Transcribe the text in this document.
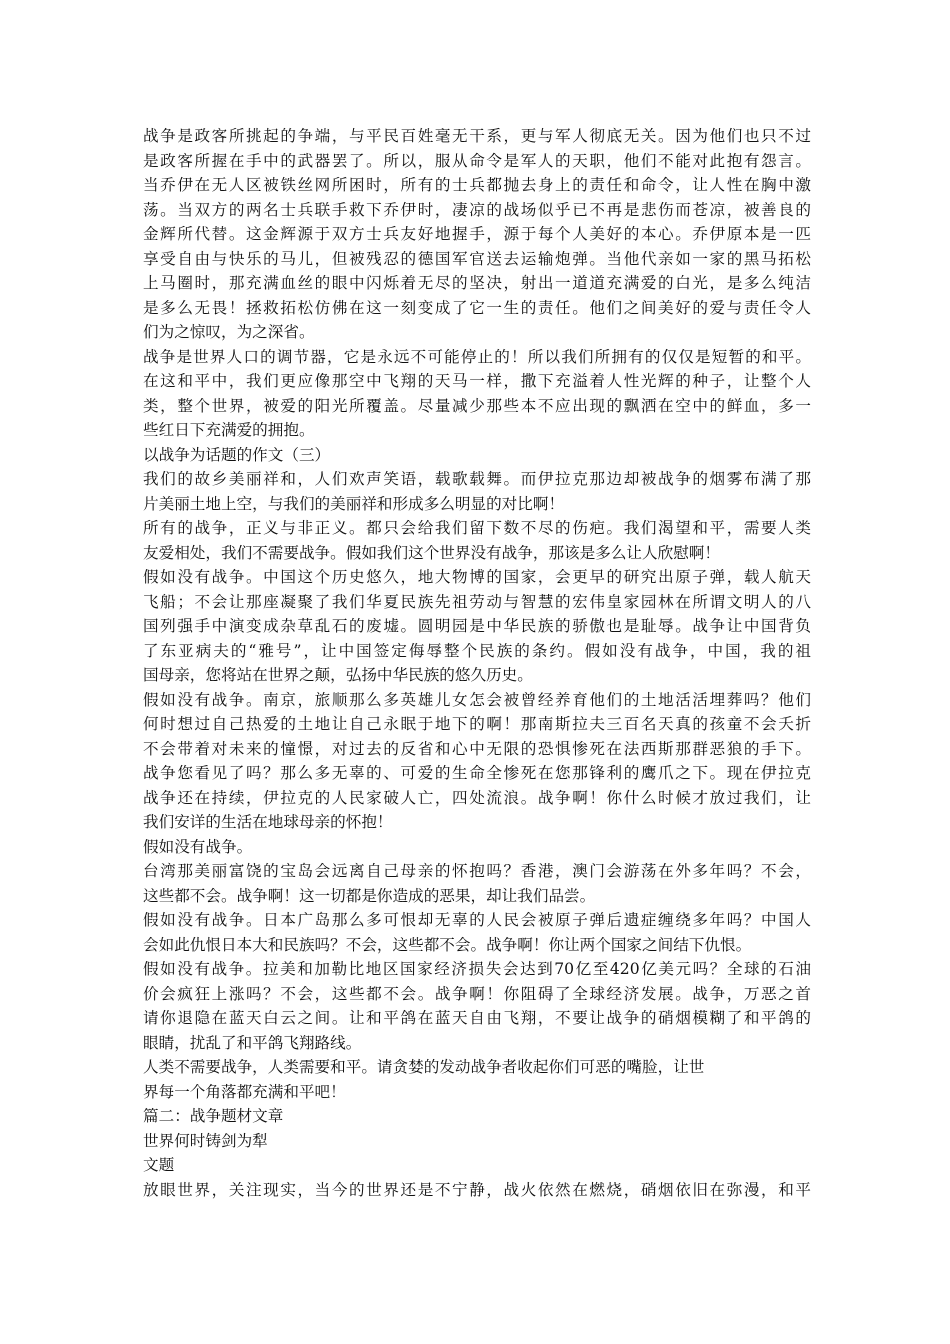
战争是政客所挑起的争端，与平民百姓毫无干系，更与军人彻底无关。因为他们也只不过
是政客所握在手中的武器罢了。所以，服从命令是军人的天职，他们不能对此抱有怨言。
当乔伊在无人区被铁丝网所困时，所有的士兵都抛去身上的责任和命令，让人性在胸中激
荡。当双方的两名士兵联手救下乔伊时，凄凉的战场似乎已不再是悲伤而苍凉，被善良的
金辉所代替。这金辉源于双方士兵友好地握手，源于每个人美好的本心。乔伊原本是一匹
享受自由与快乐的马儿，但被残忍的德国军官送去运输炮弹。当他代亲如一家的黑马拓松
上马圈时，那充满血丝的眼中闪烁着无尽的坚决，射出一道道充满爱的白光，是多么纯洁
是多么无畏！拯救拓松仿佛在这一刻变成了它一生的责任。他们之间美好的爱与责任令人
们为之惊叹，为之深省。
战争是世界人口的调节器，它是永远不可能停止的！所以我们所拥有的仅仅是短暂的和平。
在这和平中，我们更应像那空中飞翔的天马一样，撒下充溢着人性光辉的种子，让整个人
类，整个世界，被爱的阳光所覆盖。尽量减少那些本不应出现的飘洒在空中的鲜血，多一
些红日下充满爱的拥抱。
以战争为话题的作文（三）
我们的故乡美丽祥和，人们欢声笑语，载歌载舞。而伊拉克那边却被战争的烟雾布满了那
片美丽土地上空，与我们的美丽祥和形成多么明显的对比啊！
所有的战争，正义与非正义。都只会给我们留下数不尽的伤疤。我们渴望和平，需要人类
友爱相处，我们不需要战争。假如我们这个世界没有战争，那该是多么让人欣慰啊！
假如没有战争。中国这个历史悠久，地大物博的国家，会更早的研究出原子弹，载人航天
飞船；不会让那座凝聚了我们华夏民族先祖劳动与智慧的宏伟皇家园林在所谓文明人的八
国列强手中演变成杂草乱石的废墟。圆明园是中华民族的骄傲也是耻辱。战争让中国背负
了东亚病夫的“雅号”，让中国签定侮辱整个民族的条约。假如没有战争，中国，我的祖
国母亲，您将站在世界之颠，弘扬中华民族的悠久历史。
假如没有战争。南京，旅顺那么多英雄儿女怎会被曾经养育他们的土地活活埋葬吗？他们
何时想过自己热爱的土地让自己永眠于地下的啊！那南斯拉夫三百名天真的孩童不会夭折
不会带着对未来的憧憬，对过去的反省和心中无限的恐惧惨死在法西斯那群恶狼的手下。
战争您看见了吗？那么多无辜的、可爱的生命全惨死在您那锋利的鹰爪之下。现在伊拉克
战争还在持续，伊拉克的人民家破人亡，四处流浪。战争啊！你什么时候才放过我们，让
我们安详的生活在地球母亲的怀抱！
假如没有战争。
台湾那美丽富饶的宝岛会远离自己母亲的怀抱吗？香港，澳门会游荡在外多年吗？不会，
这些都不会。战争啊！这一切都是你造成的恶果，却让我们品尝。
假如没有战争。日本广岛那么多可恨却无辜的人民会被原子弹后遗症缠绕多年吗？中国人
会如此仇恨日本大和民族吗？不会，这些都不会。战争啊！你让两个国家之间结下仇恨。
假如没有战争。拉美和加勒比地区国家经济损失会达到70亿至420亿美元吗？全球的石油
价会疯狂上涨吗？不会，这些都不会。战争啊！你阻碍了全球经济发展。战争，万恶之首
请你退隐在蓝天白云之间。让和平鸽在蓝天自由飞翔，不要让战争的硝烟模糊了和平鸽的
眼睛，扰乱了和平鸽飞翔路线。
人类不需要战争，人类需要和平。请贪婪的发动战争者收起你们可恶的嘴脸，让世
界每一个角落都充满和平吧！
篇二：战争题材文章
世界何时铸剑为犁
文题
放眼世界，关注现实，当今的世界还是不宁静，战火依然在燃烧，硝烟依旧在弥漫，和平
